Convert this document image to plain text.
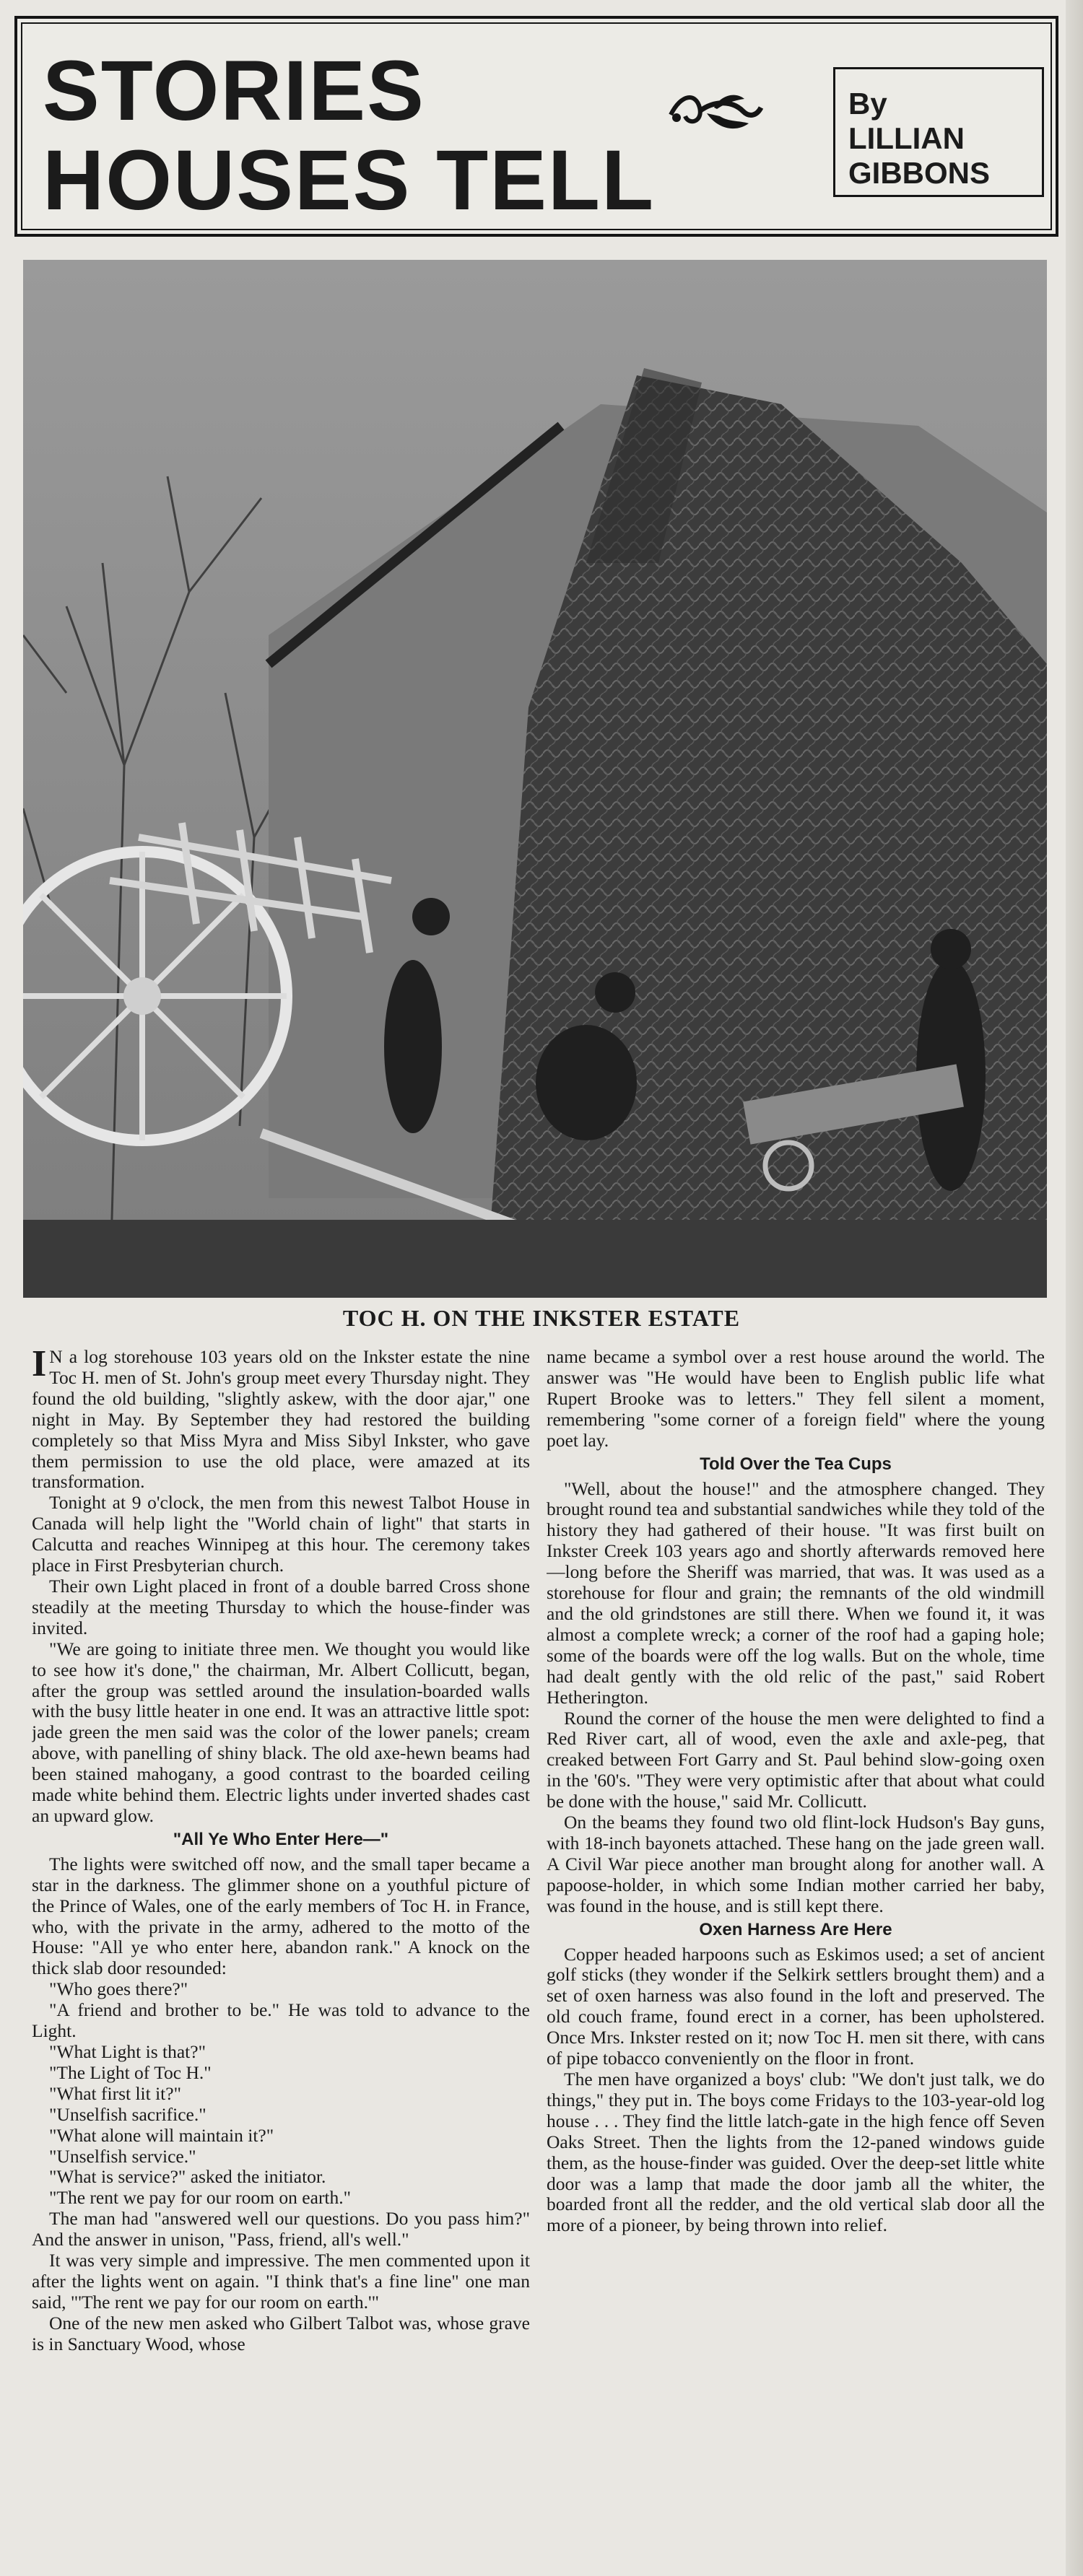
STORIES
HOUSES TELL
By
LILLIAN
GIBBONS
TOC H. ON THE INKSTER ESTATE

I N a log storehouse 103 years old on the Inkster estate the nine Toc H. men of St. John's group meet every Thursday night. They found the old building, "slightly askew, with the door ajar," one night in May. By September they had restored the building completely so that Miss Myra and Miss Sibyl Inkster, who gave them permission to use the old place, were amazed at its transformation.

Tonight at 9 o'clock, the men from this newest Talbot House in Canada will help light the "World chain of light" that starts in Calcutta and reaches Winnipeg at this hour. The ceremony takes place in First Presbyterian church.

Their own Light placed in front of a double barred Cross shone steadily at the meeting Thursday to which the house-finder was invited.

"We are going to initiate three men. We thought you would like to see how it's done," the chairman, Mr. Albert Collicutt, began, after the group was settled around the insulation-boarded walls with the busy little heater in one end. It was an attractive little spot: jade green the men said was the color of the lower panels; cream above, with panelling of shiny black. The old axe-hewn beams had been stained mahogany, a good contrast to the boarded ceiling made white behind them. Electric lights under inverted shades cast an upward glow.

"All Ye Who Enter Here—"

The lights were switched off now, and the small taper became a star in the darkness. The glimmer shone on a youthful picture of the Prince of Wales, one of the early members of Toc H. in France, who, with the private in the army, adhered to the motto of the House: "All ye who enter here, abandon rank." A knock on the thick slab door resounded:

"Who goes there?"

"A friend and brother to be." He was told to advance to the Light.

"What Light is that?"

"The Light of Toc H."

"What first lit it?"

"Unselfish sacrifice."

"What alone will maintain it?"

"Unselfish service."

"What is service?" asked the initiator.

"The rent we pay for our room on earth."

The man had "answered well our questions. Do you pass him?" And the answer in unison, "Pass, friend, all's well."

It was very simple and impressive. The men commented upon it after the lights went on again. "I think that's a fine line" one man said, "'The rent we pay for our room on earth.'"

One of the new men asked who Gilbert Talbot was, whose grave is in Sanctuary Wood, whose

name became a symbol over a rest house around the world. The answer was "He would have been to English public life what Rupert Brooke was to letters." They fell silent a moment, remembering "some corner of a foreign field" where the young poet lay.

Told Over the Tea Cups

"Well, about the house!" and the atmosphere changed. They brought round tea and substantial sandwiches while they told of the history they had gathered of their house. "It was first built on Inkster Creek 103 years ago and shortly afterwards removed here—long before the Sheriff was married, that was. It was used as a storehouse for flour and grain; the remnants of the old windmill and the old grindstones are still there. When we found it, it was almost a complete wreck; a corner of the roof had a gaping hole; some of the boards were off the log walls. But on the whole, time had dealt gently with the old relic of the past," said Robert Hetherington.

Round the corner of the house the men were delighted to find a Red River cart, all of wood, even the axle and axle-peg, that creaked between Fort Garry and St. Paul behind slow-going oxen in the '60's. "They were very optimistic after that about what could be done with the house," said Mr. Collicutt.

On the beams they found two old flint-lock Hudson's Bay guns, with 18-inch bayonets attached. These hang on the jade green wall. A Civil War piece another man brought along for another wall. A papoose-holder, in which some Indian mother carried her baby, was found in the house, and is still kept there.

Oxen Harness Are Here

Copper headed harpoons such as Eskimos used; a set of ancient golf sticks (they wonder if the Selkirk settlers brought them) and a set of oxen harness was also found in the loft and preserved. The old couch frame, found erect in a corner, has been upholstered. Once Mrs. Inkster rested on it; now Toc H. men sit there, with cans of pipe tobacco conveniently on the floor in front.

The men have organized a boys' club: "We don't just talk, we do things," they put in. The boys come Fridays to the 103-year-old log house . . . They find the little latch-gate in the high fence off Seven Oaks Street. Then the lights from the 12-paned windows guide them, as the house-finder was guided. Over the deep-set little white door was a lamp that made the door jamb all the whiter, the boarded front all the redder, and the old vertical slab door all the more of a pioneer, by being thrown into relief.
